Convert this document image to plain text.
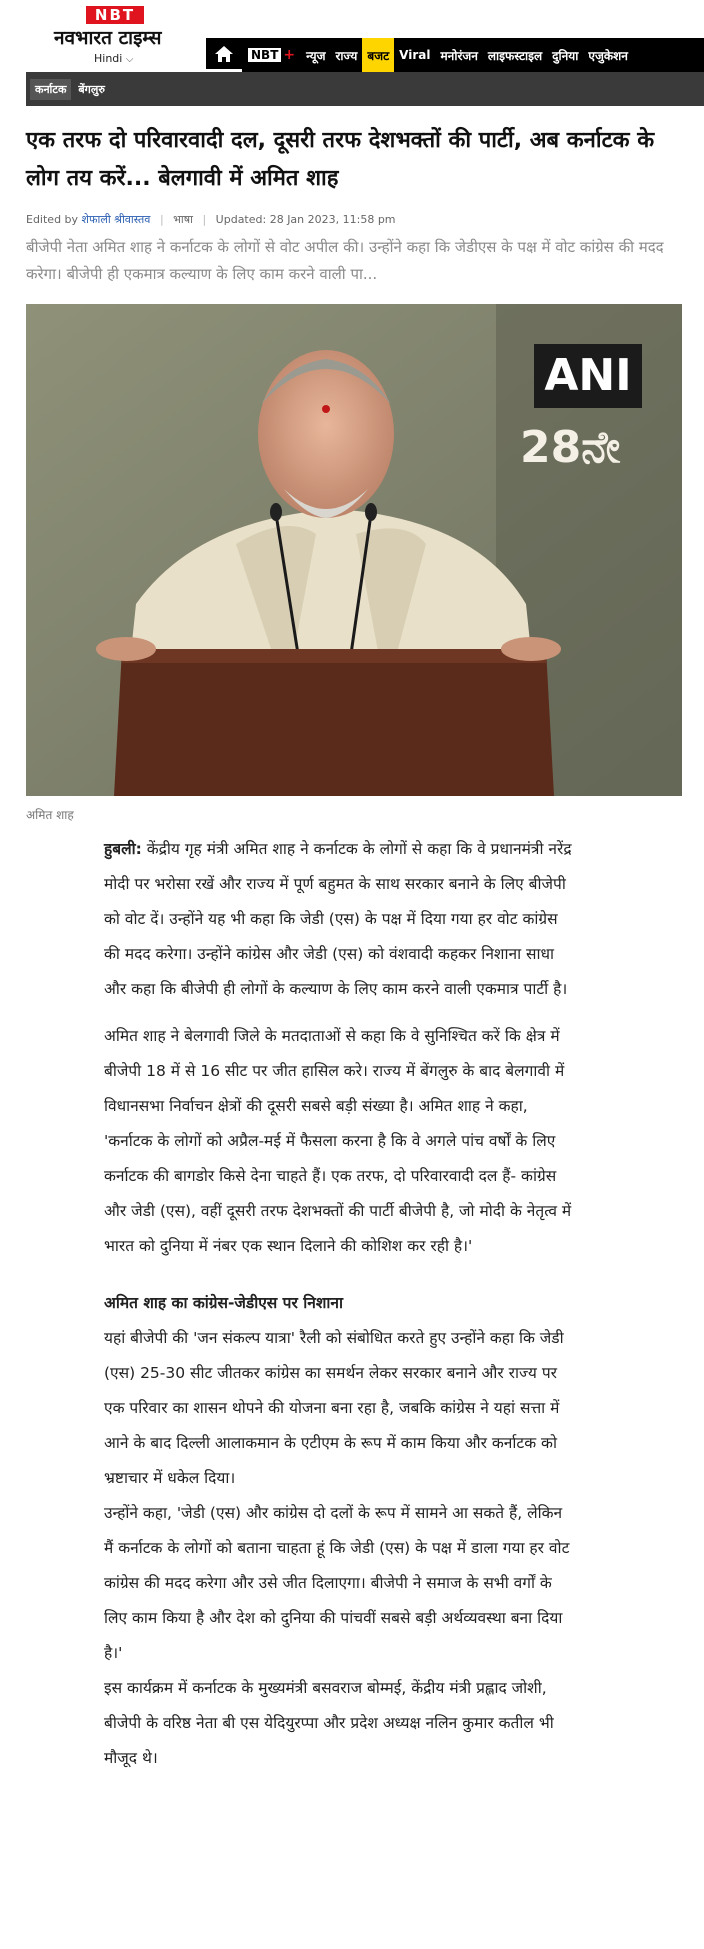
NBT
नवभारत टाइम्स
Hindi ⌵	NBT + न्यूज राज्य बजट Viral मनोरंजन लाइफस्टाइल दुनिया एजुकेशन
कर्नाटक	बेंगलुरु
एक तरफ दो परिवारवादी दल, दूसरी तरफ देशभक्तों की पार्टी, अब कर्नाटक के लोग तय करें... बेलगावी में अमित शाह
Edited by शेफाली श्रीवास्तव | भाषा | Updated: 28 Jan 2023, 11:58 pm

बीजेपी नेता अमित शाह ने कर्नाटक के लोगों से वोट अपील की। उन्होंने कहा कि जेडीएस के पक्ष में वोट कांग्रेस की मदद करेगा। बीजेपी ही एकमात्र कल्याण के लिए काम करने वाली पा...

ANI
28ನೇ
अमित शाह

हुबली: केंद्रीय गृह मंत्री अमित शाह ने कर्नाटक के लोगों से कहा कि वे प्रधानमंत्री नरेंद्र मोदी पर भरोसा रखें और राज्य में पूर्ण बहुमत के साथ सरकार बनाने के लिए बीजेपी को वोट दें। उन्होंने यह भी कहा कि जेडी (एस) के पक्ष में दिया गया हर वोट कांग्रेस की मदद करेगा। उन्होंने कांग्रेस और जेडी (एस) को वंशवादी कहकर निशाना साधा और कहा कि बीजेपी ही लोगों के कल्याण के लिए काम करने वाली एकमात्र पार्टी है।

अमित शाह ने बेलगावी जिले के मतदाताओं से कहा कि वे सुनिश्चित करें कि क्षेत्र में बीजेपी 18 में से 16 सीट पर जीत हासिल करे। राज्य में बेंगलुरु के बाद बेलगावी में विधानसभा निर्वाचन क्षेत्रों की दूसरी सबसे बड़ी संख्या है। अमित शाह ने कहा, 'कर्नाटक के लोगों को अप्रैल-मई में फैसला करना है कि वे अगले पांच वर्षों के लिए कर्नाटक की बागडोर किसे देना चाहते हैं। एक तरफ, दो परिवारवादी दल हैं- कांग्रेस और जेडी (एस), वहीं दूसरी तरफ देशभक्तों की पार्टी बीजेपी है, जो मोदी के नेतृत्व में भारत को दुनिया में नंबर एक स्थान दिलाने की कोशिश कर रही है।'

अमित शाह का कांग्रेस-जेडीएस पर निशाना

यहां बीजेपी की 'जन संकल्प यात्रा' रैली को संबोधित करते हुए उन्होंने कहा कि जेडी (एस) 25-30 सीट जीतकर कांग्रेस का समर्थन लेकर सरकार बनाने और राज्य पर एक परिवार का शासन थोपने की योजना बना रहा है, जबकि कांग्रेस ने यहां सत्ता में आने के बाद दिल्ली आलाकमान के एटीएम के रूप में काम किया और कर्नाटक को भ्रष्टाचार में धकेल दिया।

उन्होंने कहा, 'जेडी (एस) और कांग्रेस दो दलों के रूप में सामने आ सकते हैं, लेकिन मैं कर्नाटक के लोगों को बताना चाहता हूं कि जेडी (एस) के पक्ष में डाला गया हर वोट कांग्रेस की मदद करेगा और उसे जीत दिलाएगा। बीजेपी ने समाज के सभी वर्गों के लिए काम किया है और देश को दुनिया की पांचवीं सबसे बड़ी अर्थव्यवस्था बना दिया है।'

इस कार्यक्रम में कर्नाटक के मुख्यमंत्री बसवराज बोम्मई, केंद्रीय मंत्री प्रह्लाद जोशी, बीजेपी के वरिष्ठ नेता बी एस येदियुरप्पा और प्रदेश अध्यक्ष नलिन कुमार कतील भी मौजूद थे।
